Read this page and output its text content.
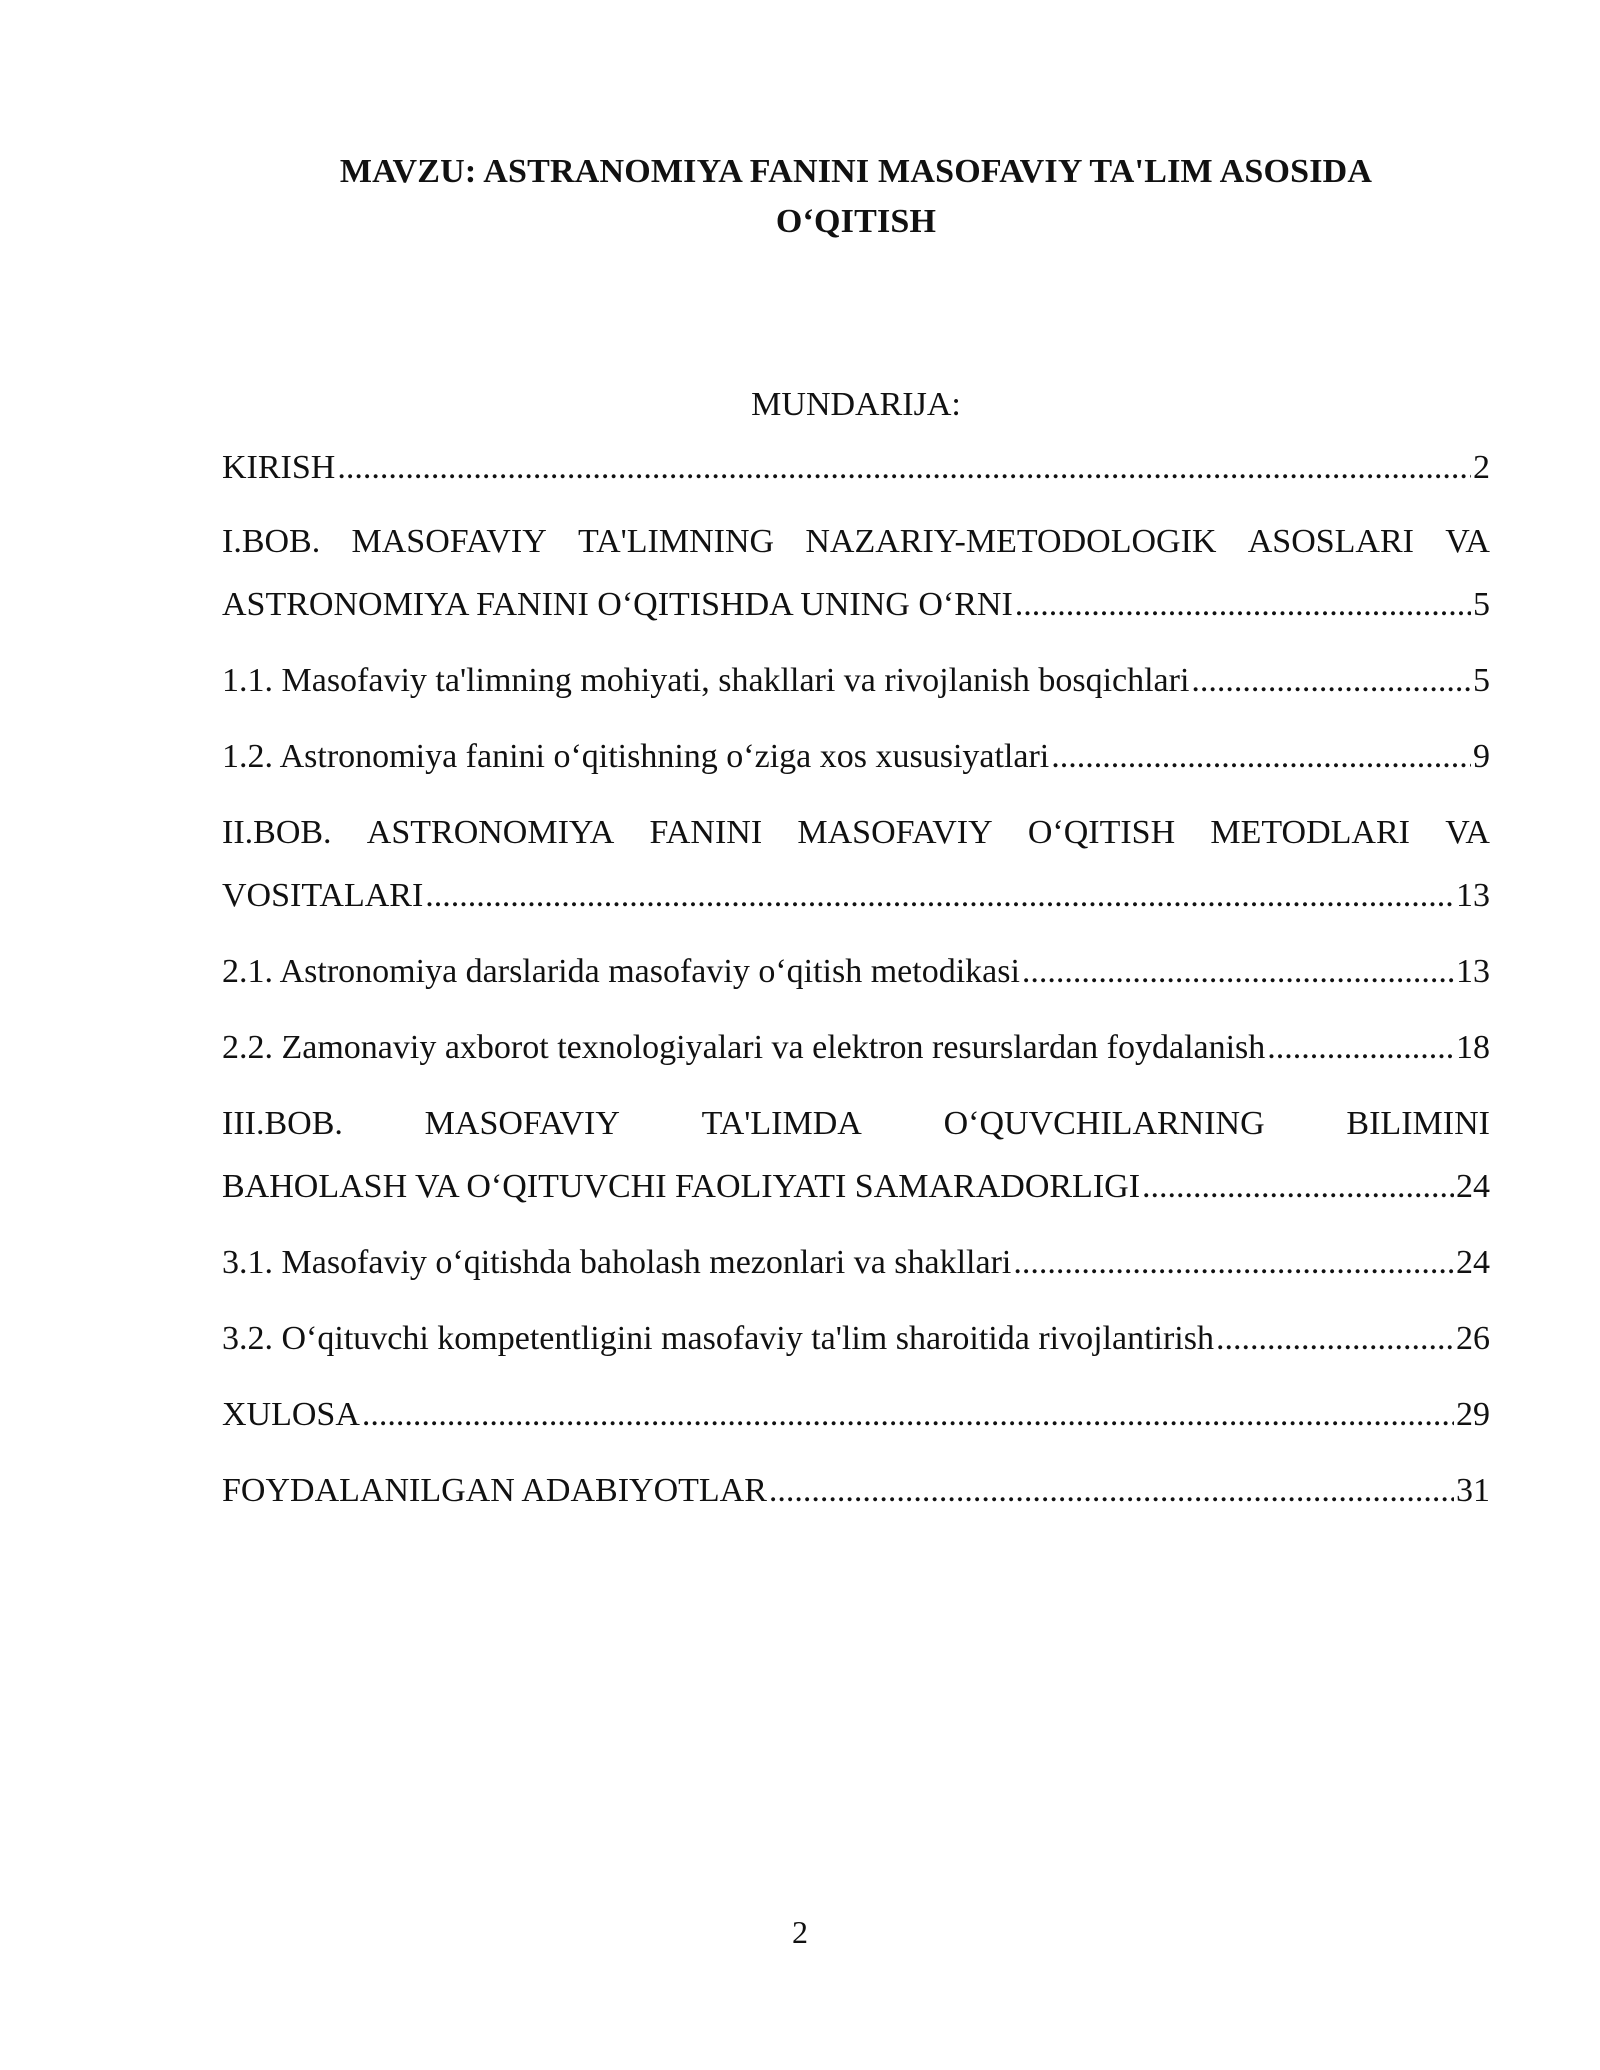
MAVZU: ASTRANOMIYA FANINI MASOFAVIY TA'LIM ASOSIDA
O‘QITISH
MUNDARIJA:
KIRISH .....	2
I.BOB. MASOFAVIY TA'LIMNING NAZARIY-METODOLOGIK ASOSLARI VA
ASTRONOMIYA FANINI O‘QITISHDA UNING O‘RNI .....	5
1.1. Masofaviy ta'limning mohiyati, shakllari va rivojlanish bosqichlari .....	5
1.2. Astronomiya fanini o‘qitishning o‘ziga xos xususiyatlari .....	9
II.BOB. ASTRONOMIYA FANINI MASOFAVIY O‘QITISH METODLARI VA
VOSITALARI .....	13
2.1. Astronomiya darslarida masofaviy o‘qitish metodikasi .....	13
2.2. Zamonaviy axborot texnologiyalari va elektron resurslardan foydalanish .....	18
III.BOB. MASOFAVIY TA'LIMDA O‘QUVCHILARNING BILIMINI
BAHOLASH VA O‘QITUVCHI FAOLIYATI SAMARADORLIGI .....	24
3.1. Masofaviy o‘qitishda baholash mezonlari va shakllari .....	24
3.2. O‘qituvchi kompetentligini masofaviy ta'lim sharoitida rivojlantirish .....	26
XULOSA .....	29
FOYDALANILGAN ADABIYOTLAR .....	31
2
